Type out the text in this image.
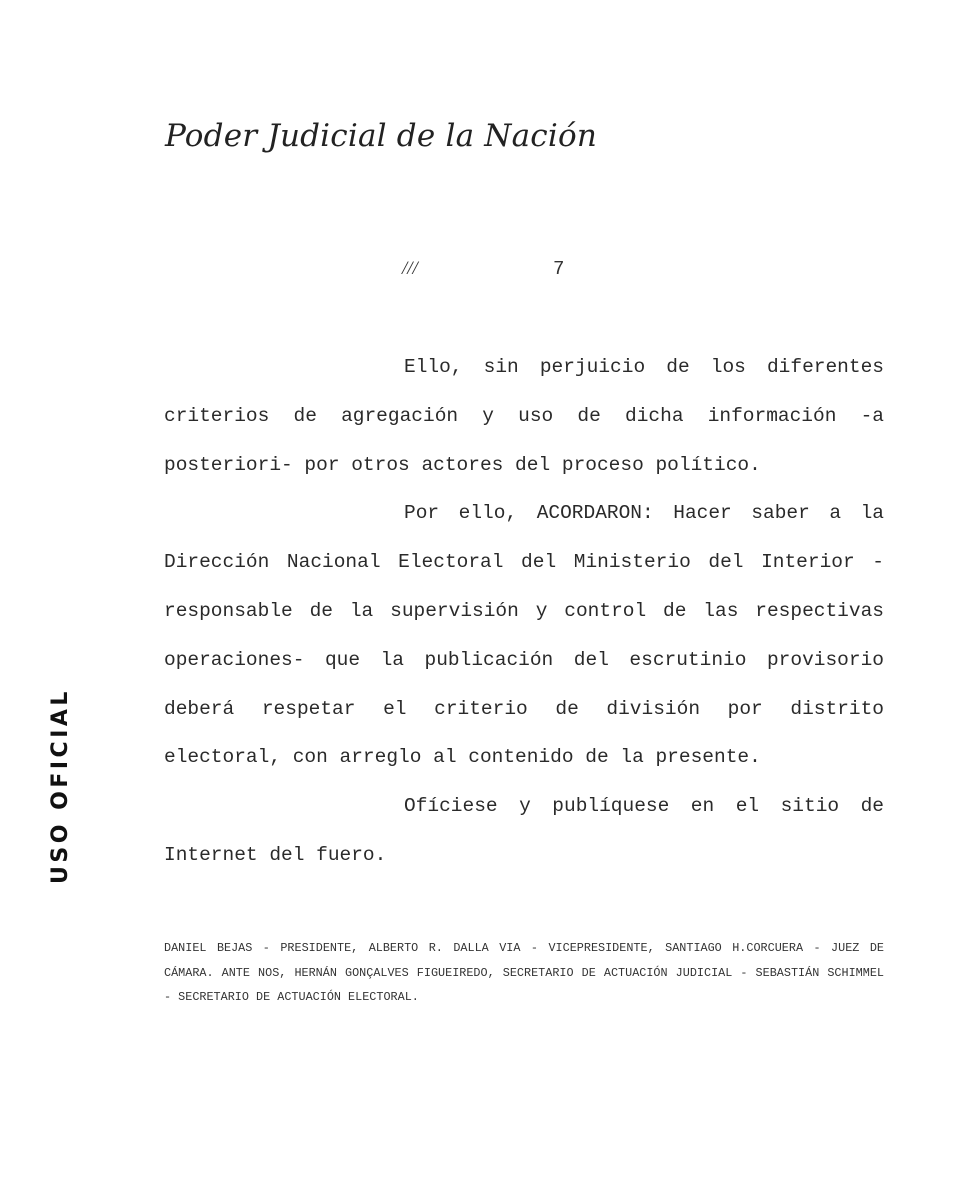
Poder Judicial de la Nación
///	7

Ello, sin perjuicio de los diferentes criterios de agregación y uso de dicha información -a posteriori- por otros actores del proceso político.

Por ello, ACORDARON: Hacer saber a la Dirección Nacional Electoral del Ministerio del Interior -responsable de la supervisión y control de las respectivas operaciones- que la publicación del escrutinio provisorio deberá respetar el criterio de división por distrito electoral, con arreglo al contenido de la presente.

Ofíciese y publíquese en el sitio de Internet del fuero.

DANIEL BEJAS - PRESIDENTE, ALBERTO R. DALLA VIA - VICEPRESIDENTE, SANTIAGO H.CORCUERA - JUEZ DE CÁMARA. ANTE NOS, HERNÁN GONÇALVES FIGUEIREDO, SECRETARIO DE ACTUACIÓN JUDICIAL - SEBASTIÁN SCHIMMEL - SECRETARIO DE ACTUACIÓN ELECTORAL.

USO OFICIAL
